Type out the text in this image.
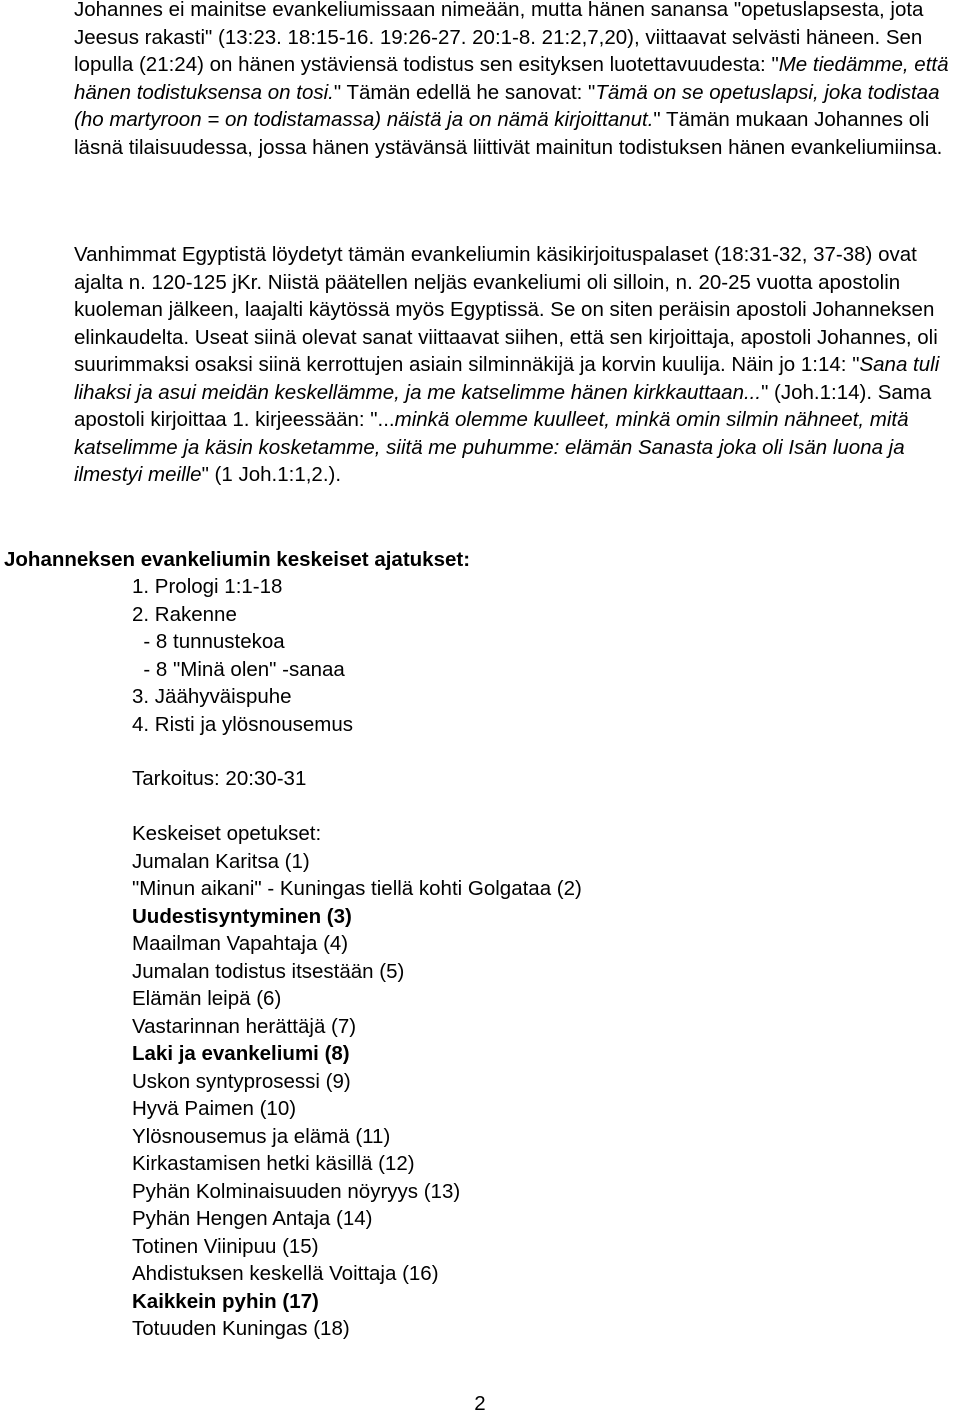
Johannes ei mainitse evankeliumissaan nimeään, mutta hänen sanansa "opetuslapsesta, jota Jeesus rakasti" (13:23. 18:15-16. 19:26-27. 20:1-8. 21:2,7,20), viittaavat selvästi häneen. Sen lopulla (21:24) on hänen ystäviensä todistus sen esityksen luotettavuudesta: "Me tiedämme, että hänen todistuksensa on tosi." Tämän edellä he sanovat: "Tämä on se opetuslapsi, joka todistaa (ho martyroon = on todistamassa) näistä ja on nämä kirjoittanut." Tämän mukaan Johannes oli läsnä tilaisuudessa, jossa hänen ystävänsä liittivät mainitun todistuksen hänen evankeliumiinsa.

Vanhimmat Egyptistä löydetyt tämän evankeliumin käsikirjoituspalaset (18:31-32, 37-38) ovat ajalta n. 120-125 jKr. Niistä päätellen neljäs evankeliumi oli silloin, n. 20-25 vuotta apostolin kuoleman jälkeen, laajalti käytössä myös Egyptissä. Se on siten peräisin apostoli Johanneksen elinkaudelta. Useat siinä olevat sanat viittaavat siihen, että sen kirjoittaja, apostoli Johannes, oli suurimmaksi osaksi siinä kerrottujen asiain silminnäkijä ja korvin kuulija. Näin jo 1:14: "Sana tuli lihaksi ja asui meidän keskellämme, ja me katselimme hänen kirkkauttaan..." (Joh.1:14). Sama apostoli kirjoittaa 1. kirjeessään: "...minkä olemme kuulleet, minkä omin silmin nähneet, mitä katselimme ja käsin kosketamme, siitä me puhumme: elämän Sanasta joka oli Isän luona ja ilmestyi meille" (1 Joh.1:1,2.).

Johanneksen evankeliumin keskeiset ajatukset:
1. Prologi 1:1-18
2. Rakenne
- 8 tunnustekoa
- 8 "Minä olen" -sanaa
3. Jäähyväispuhe
4. Risti ja ylösnousemus
Tarkoitus: 20:30-31
Keskeiset opetukset:
Jumalan Karitsa (1)
"Minun aikani" - Kuningas tiellä kohti Golgataa (2)
Uudestisyntyminen (3)
Maailman Vapahtaja (4)
Jumalan todistus itsestään (5)
Elämän leipä (6)
Vastarinnan herättäjä (7)
Laki ja evankeliumi (8)
Uskon syntyprosessi (9)
Hyvä Paimen (10)
Ylösnousemus ja elämä (11)
Kirkastamisen hetki käsillä (12)
Pyhän Kolminaisuuden nöyryys (13)
Pyhän Hengen Antaja (14)
Totinen Viinipuu (15)
Ahdistuksen keskellä Voittaja (16)
Kaikkein pyhin (17)
Totuuden Kuningas (18)
2
